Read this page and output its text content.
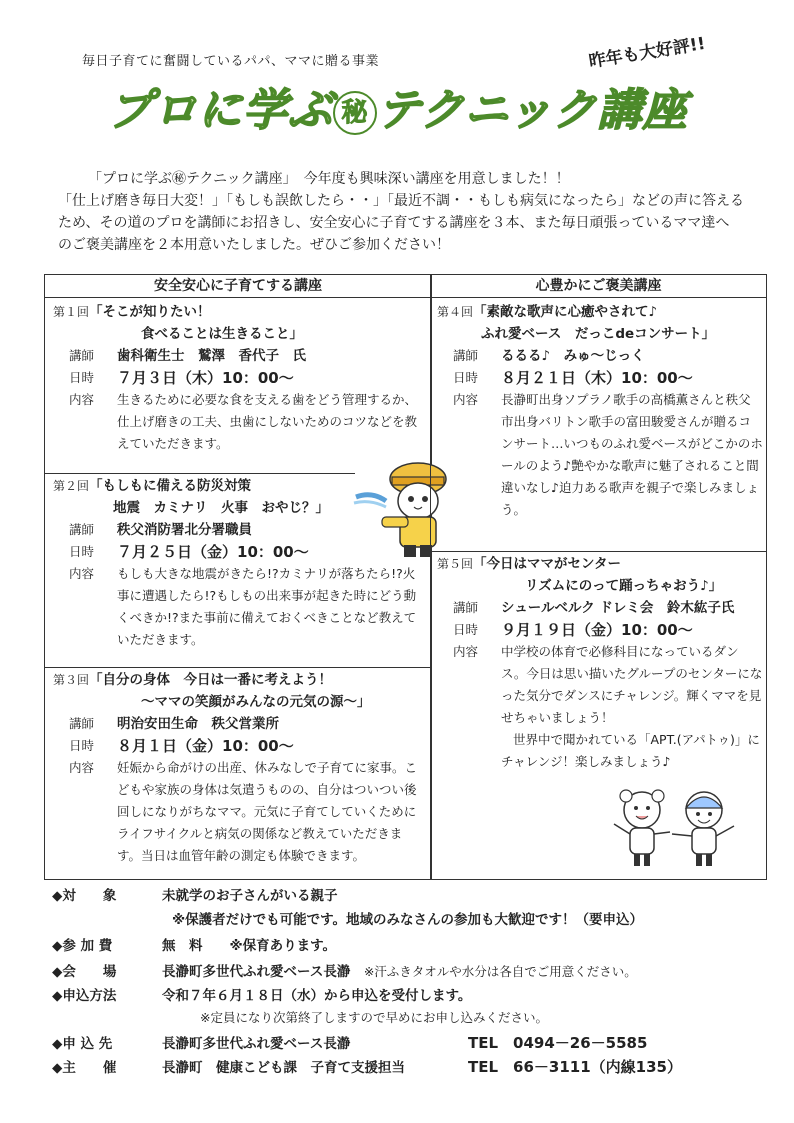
毎日子育てに奮闘しているパパ、ママに贈る事業	昨年も大好評!!
プロに学ぶ 秘 テクニック講座

「プロに学ぶ㊙テクニック講座」　今年度も興味深い講座を用意しました！！

「仕上げ磨き毎日大変！」「もしも誤飲したら・・」「最近不調・・もしも病気になったら」などの声に答える

ため、その道のプロを講師にお招きし、安全安心に子育てする講座を３本、また毎日頑張っているママ達へ

のご褒美講座を２本用意いたしました。ぜひご参加ください！

安全安心に子育てする講座
第１回「そこが知りたい！
食べることは生きること」
講師	歯科衛生士　鷲澤　香代子　氏
日時	７月３日（木）10：00～
内容	生きるために必要な食を支える歯をどう管理するか、仕上げ磨きの工夫、虫歯にしないためのコツなどを教えていただきます。
第２回「もしもに備える防災対策
地震　カミナリ　火事　おやじ？」
講師	秩父消防署北分署職員
日時	７月２５日（金）10：00～
内容	もしも大きな地震がきたら!?カミナリが落ちたら!?火事に遭遇したら!?もしもの出来事が起きた時にどう動くべきか!?また事前に備えておくべきことなど教えていただきます。
第３回「自分の身体　今日は一番に考えよう！
～ママの笑顔がみんなの元気の源～」
講師	明治安田生命　秩父営業所
日時	８月１日（金）10：00～
内容	妊娠から命がけの出産、休みなしで子育てに家事。こどもや家族の身体は気遣うものの、自分はついつい後回しになりがちなママ。元気に子育てしていくためにライフサイクルと病気の関係など教えていただきます。当日は血管年齢の測定も体験できます。
心豊かにご褒美講座
第４回「素敵な歌声に心癒やされて♪
ふれ愛ベース　だっこdeコンサート」
講師	るるる♪　みゅ～じっく
日時	８月２１日（木）10：00～
内容	長瀞町出身ソプラノ歌手の高橋薫さんと秩父市出身バリトン歌手の富田駿愛さんが贈るコンサート…いつものふれ愛ベースがどこかのホールのよう♪艶やかな歌声に魅了されること間違いなし♪迫力ある歌声を親子で楽しみましょう。
第５回「今日はママがセンター
リズムにのって踊っちゃおう♪」
講師	シュールベルク ドレミ会　鈴木紘子氏
日時	９月１９日（金）10：00～
内容	中学校の体育で必修科目になっているダンス。今日は思い描いたグループのセンターになった気分でダンスにチャレンジ。輝くママを見せちゃいましょう！
世界中で聞かれている「APT.(アパトゥ)」にチャレンジ！楽しみましょう♪
◆対　　象	未就学のお子さんがいる親子
※保護者だけでも可能です。地域のみなさんの参加も大歓迎です！（要申込）
◆参 加 費	無　料　　※保育あります。
◆会　　場	長瀞町多世代ふれ愛ベース長瀞　 ※汗ふきタオルや水分は各自でご用意ください。
◆申込方法	令和７年６月１８日（水）から申込を受付します。
※定員になり次第終了しますので早めにお申し込みください。
◆申 込 先	長瀞町多世代ふれ愛ベース長瀞	TEL　0494－26－5585
◆主　　催	長瀞町　健康こども課　子育て支援担当	TEL　66－3111（内線135）
